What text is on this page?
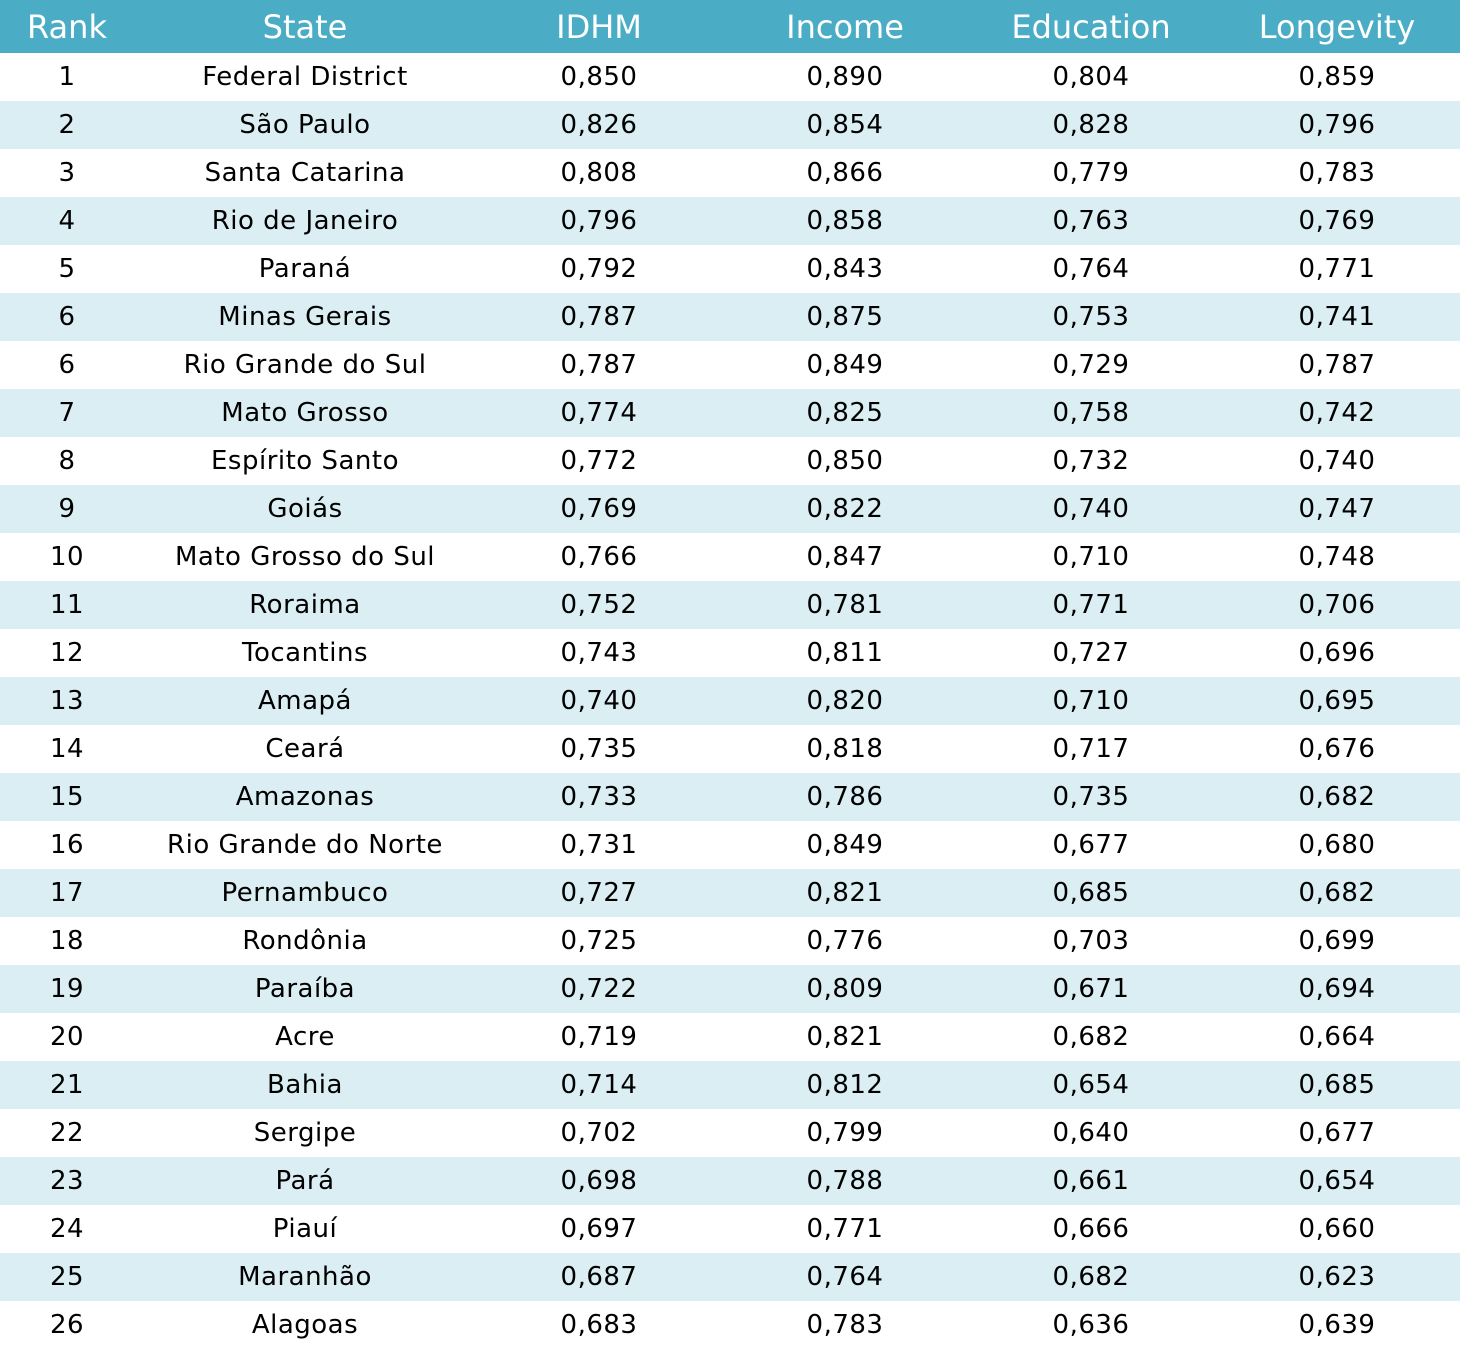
Rank	State	IDHM	Income	Education	Longevity
1	Federal District	0,850	0,890	0,804	0,859
2	São Paulo	0,826	0,854	0,828	0,796
3	Santa Catarina	0,808	0,866	0,779	0,783
4	Rio de Janeiro	0,796	0,858	0,763	0,769
5	Paraná	0,792	0,843	0,764	0,771
6	Minas Gerais	0,787	0,875	0,753	0,741
6	Rio Grande do Sul	0,787	0,849	0,729	0,787
7	Mato Grosso	0,774	0,825	0,758	0,742
8	Espírito Santo	0,772	0,850	0,732	0,740
9	Goiás	0,769	0,822	0,740	0,747
10	Mato Grosso do Sul	0,766	0,847	0,710	0,748
11	Roraima	0,752	0,781	0,771	0,706
12	Tocantins	0,743	0,811	0,727	0,696
13	Amapá	0,740	0,820	0,710	0,695
14	Ceará	0,735	0,818	0,717	0,676
15	Amazonas	0,733	0,786	0,735	0,682
16	Rio Grande do Norte	0,731	0,849	0,677	0,680
17	Pernambuco	0,727	0,821	0,685	0,682
18	Rondônia	0,725	0,776	0,703	0,699
19	Paraíba	0,722	0,809	0,671	0,694
20	Acre	0,719	0,821	0,682	0,664
21	Bahia	0,714	0,812	0,654	0,685
22	Sergipe	0,702	0,799	0,640	0,677
23	Pará	0,698	0,788	0,661	0,654
24	Piauí	0,697	0,771	0,666	0,660
25	Maranhão	0,687	0,764	0,682	0,623
26	Alagoas	0,683	0,783	0,636	0,639
